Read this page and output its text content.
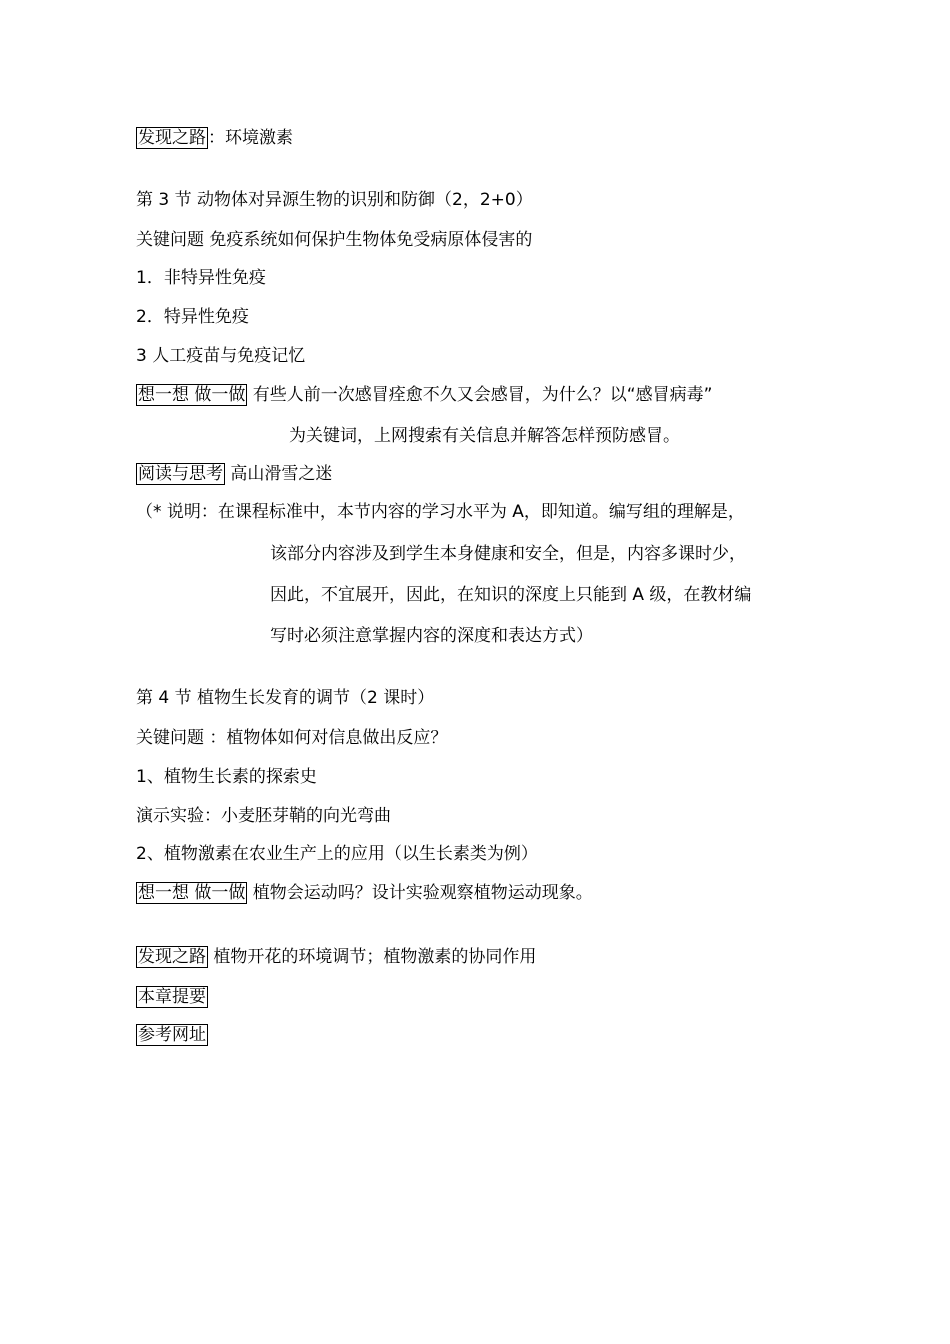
发现之路 ：环境激素
第 3 节 动物体对异源生物的识别和防御（2，2+0）
关键问题 免疫系统如何保护生物体免受病原体侵害的
1．非特异性免疫
2．特异性免疫
3 人工疫苗与免疫记忆
想一想 做一做 有些人前一次感冒痊愈不久又会感冒，为什么？以“感冒病毒”
为关键词，上网搜索有关信息并解答怎样预防感冒。
阅读与思考 高山滑雪之迷
（* 说明：在课程标准中，本节内容的学习水平为 A，即知道。编写组的理解是，
该部分内容涉及到学生本身健康和安全，但是，内容多课时少，
因此，不宜展开，因此，在知识的深度上只能到 A 级，在教材编
写时必须注意掌握内容的深度和表达方式）
第 4 节 植物生长发育的调节（2 课时）
关键问题 ：植物体如何对信息做出反应？
1、植物生长素的探索史
演示实验：小麦胚芽鞘的向光弯曲
2、植物激素在农业生产上的应用（以生长素类为例）
想一想 做一做 植物会运动吗？设计实验观察植物运动现象。
发现之路 植物开花的环境调节；植物激素的协同作用
本章提要
参考网址
